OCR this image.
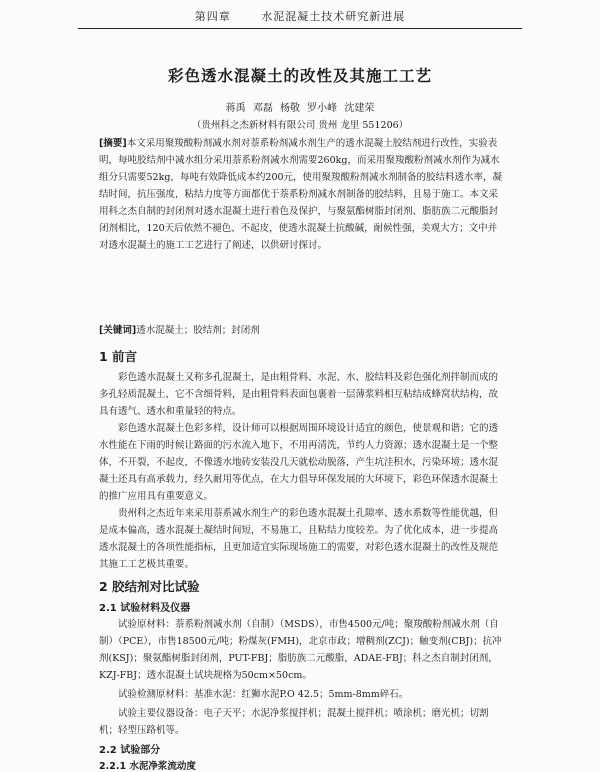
第四章	水泥混凝土技术研究新进展
彩色透水混凝土的改性及其施工工艺
蒋禹 邓磊 杨敬 罗小峰 沈建荣
（贵州科之杰新材料有限公司 贵州 龙里 551206）
[摘要]本文采用聚羧酸粉剂减水剂对萘系粉剂减水剂生产的透水混凝土胶结剂进行改性，实验表明，每吨胶结剂中减水组分采用萘系粉剂减水剂需要260kg，而采用聚羧酸粉剂减水剂作为减水组分只需要52kg，每吨有效降低成本约200元，使用聚羧酸粉剂减水剂制备的胶结料透水率，凝结时间，抗压强度，粘结力度等方面都优于萘系粉剂减水剂制备的胶结料，且易于施工。本文采用科之杰自制的封闭剂对透水混凝土进行着色及保护，与聚氨酯树脂封闭剂、脂肪族二元酸脂封闭剂相比，120天后依然不褪色、不起皮，使透水混凝土抗酸碱，耐候性强，美观大方；文中并对透水混凝土的施工工艺进行了阐述，以供研讨探讨。
[关键词]透水混凝土；胶结剂；封闭剂
1 前言

彩色透水混凝土又称多孔混凝土，是由粗骨料、水泥、水、胶结料及彩色强化剂拌制而成的多孔轻质混凝土，它不含细骨料，是由粗骨料表面包裹着一层薄浆料相互粘结成蜂窝状结构，故具有透气、透水和重量轻的特点。

彩色透水混凝土色彩多样，设计师可以根据周围环境设计适宜的颜色，使景观和谐；它的透水性能在下雨的时候让路面的污水流入地下，不用再清洗，节约人力资源；透水混凝土是一个整体，不开裂，不起皮，不像透水地砖安装没几天就松动脱落，产生坑洼积水，污染环境；透水混凝土还具有高承载力，经久耐用等优点，在大力倡导环保发展的大环境下，彩色环保透水混凝土的推广应用具有重要意义。

贵州科之杰近年来采用萘系减水剂生产的彩色透水混凝土孔隙率、透水系数等性能优越，但是成本偏高，透水混凝土凝结时间短，不易施工，且粘结力度较差。为了优化成本，进一步提高透水混凝土的各项性能指标，且更加适宜实际现场施工的需要，对彩色透水混凝土的改性及规范其施工工艺极其重要。

2 胶结剂对比试验
2.1 试验材料及仪器

试验原材料：萘系粉剂减水剂（自制）（MSDS），市售4500元/吨；聚羧酸粉剂减水剂（自制）（PCE），市售18500元/吨；粉煤灰(FMH)，北京市政；增稠剂(ZCJ)；触变剂(CBJ)；抗冲剂(KSJ)；聚氨酯树脂封闭剂，PUT-FBJ；脂肪族二元酸脂，ADAE-FBJ；科之杰自制封闭剂，KZJ-FBJ；透水混凝土试块规格为50cm×50cm。

试验检测原材料：基准水泥：红狮水泥P.O 42.5；5mm-8mm碎石。

试验主要仪器设备：电子天平；水泥净浆搅拌机；混凝土搅拌机；喷涂机；磨光机；切割机；轻型压路机等。

2.2 试验部分
2.2.1 水泥净浆流动度
